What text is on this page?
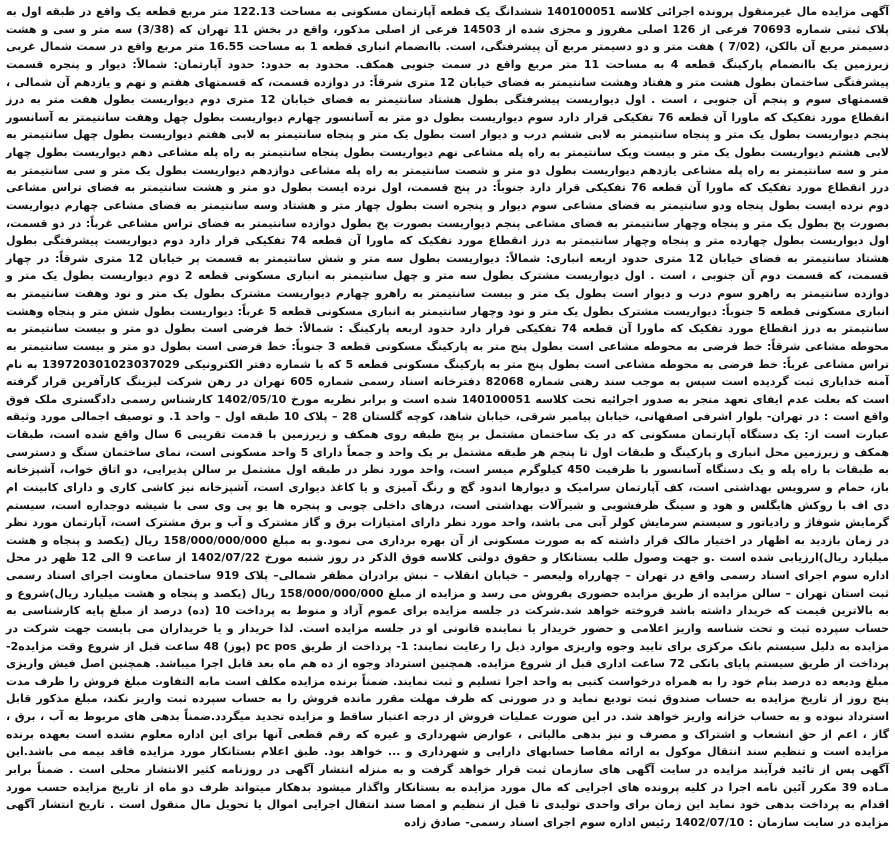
آگهی مزایده مال غیرمنقول پرونده اجرائی کلاسه 140100051 ششدانگ یک قطعه آپارتمان مسکونی به مساحت 122.13 متر مربع قطعه یک واقع در طبقه اول به پلاک ثبتی شماره 70693 فرعی از 126 اصلی مفروز و مجزی شده از 14503 فرعی از اصلی مذکور، واقع در بخش 11 تهران که (3/38) سه متر و سی و هشت دسیمتر مربع آن بالکن، (7/02 ) هفت متر و دو دسیمتر مربع آن پیشرفتگی، است. باانضمام انباری قطعه 1 به مساحت 16.55 متر مربع واقع در سمت شمال غربی زیرزمین یک باانضمام پارکینگ قطعه 4 به مساحت 11 متر مربع واقع در سمت جنوبی همکف. محدود به حدود: حدود آپارتمان: شمالاً: دیوار و پنجره قسمت پیشرفتگی ساختمان بطول هشت متر و هفتاد وهشت سانتیمتر به فضای خیابان 12 متری شرقاً: در دوازده قسمت، که قسمتهای هفتم و نهم و یازدهم آن شمالی ، قسمتهای سوم و پنجم آن جنوبی ، است . اول دیواریست پیشرفتگی بطول هشتاد سانتیمتر به فضای خیابان 12 متری دوم دیواریست بطول هفت متر به درز انقطاع مورد تفکیک که ماورا آن قطعه 76 تفکیکی قرار دارد سوم دیواریست بطول دو متر به آسانسور چهارم دیواریست بطول چهل وهفت سانتیمتر به آسانسور پنجم دیواریست بطول یک متر و پنجاه سانتیمتر به لابی ششم درب و دیوار است بطول یک متر و پنجاه سانتیمتر به لابی هفتم دیواریست بطول چهل سانتیمتر به لابی هشتم دیواریست بطول یک متر و بیست ویک سانتیمتر به راه پله مشاعی نهم دیواریست بطول پنجاه سانتیمتر به راه پله مشاعی دهم دیواریست بطول چهار متر و سه سانتیمتر به راه پله مشاعی یازدهم دیواریست بطول دو متر و شصت سانتیمتر به راه پله مشاعی دوازدهم دیواریست بطول یک متر و سی سانتیمتر به درز انقطاع مورد تفکیک که ماورا آن قطعه 76 تفکیکی قرار دارد جنوباً: در پنج قسمت، اول نرده ایست بطول دو متر و هشت سانتیمتر به فضای تراس مشاعی دوم نرده ایست بطول پنجاه ودو سانتیمتر به فضای مشاعی سوم دیوار و پنجره است بطول چهار متر و هشتاد وسه سانتیمتر به فضای مشاعی چهارم دیواریست بصورت پخ بطول یک متر و پنجاه وچهار سانتیمتر به فضای مشاعی پنجم دیواریست بصورت پخ بطول دوازده سانتیمتر به فضای تراس مشاعی غرباً: در دو قسمت، اول دیواریست بطول چهارده متر و پنجاه وچهار سانتیمتر به درز انقطاع مورد تفکیک که ماورا آن قطعه 74 تفکیکی قرار دارد دوم دیواریست پیشرفتگی بطول هشتاد سانتیمتر به فضای خیابان 12 متری حدود اربعه انباری: شمالاً: دیواریست بطول سه متر و شش سانتیمتر به قسمت پر خیابان 12 متری شرقاً: در چهار قسمت، که قسمت دوم آن جنوبی ، است . اول دیواریست مشترک بطول سه متر و چهل سانتیمتر به انباری مسکونی قطعه 2 دوم دیواریست بطول یک متر و دوازده سانتیمتر به راهرو سوم درب و دیوار است بطول یک متر و بیست سانتیمتر به راهرو چهارم دیواریست مشترک بطول یک متر و نود وهفت سانتیمتر به انباری مسکونی قطعه 5 جنوباً: دیواریست مشترک بطول یک متر و نود وچهار سانتیمتر به انباری مسکونی قطعه 5 غرباً: دیواریست بطول شش متر و پنجاه وهشت سانتیمتر به درز انقطاع مورد تفکیک که ماورا آن قطعه 74 تفکیکی قرار دارد حدود اربعه پارکینگ : شمالاً: خط فرضی است بطول دو متر و بیست سانتیمتر به محوطه مشاعی شرقاً: خط فرضی به محوطه مشاعی است بطول پنج متر به پارکینگ مسکونی قطعه 3 جنوباً: خط فرضی است بطول دو متر و بیست سانتیمتر به تراس مشاعی غرباً: خط فرضی به محوطه مشاعی است بطول پنج متر به پارکینگ مسکونی قطعه 5 که با شماره دفتر الکترونیکی 139720301023037029 به نام آمنه خدایاری ثبت گردیده است سپس به موجب سند رهنی شماره 82068 دفترخانه اسناد رسمی شماره 605 تهران در رهن شرکت لیزینگ کارآفرین قرار گرفته است که بعلت عدم ایفای تعهد منجر به صدور اجرائیه تحت کلاسه 140100051 شده است و برابر نظریه مورخ 1402/05/10 کارشناس رسمی دادگستری ملک فوق واقع است : در تهران- بلوار اشرفی اصفهانی، خیابان پیامبر شرقی، خیابان شاهد، کوچه گلستان 28 – پلاک 10 طبقه اول – واحد 1. و توصیف اجمالی مورد وثیقه عبارت است از: یک دستگاه آپارتمان مسکونی که در یک ساختمان مشتمل بر پنج طبقه روی همکف و زیرزمین با قدمت تقریبی 6 سال واقع شده است، طبقات همکف و زیرزمین محل انباری و پارکینگ و طبقات اول تا پنجم هر طبقه مشتمل بر یک واحد و جمعاً دارای 5 واحد مسکونی است، نمای ساختمان سنگ و دسترسی به طبقات با راه پله و یک دستگاه آسانسور با ظرفیت 450 کیلوگرم میسر است، واحد مورد نظر در طبقه اول مشتمل بر سالن پذیرایی، دو اتاق خواب، آشپزخانه باز، حمام و سرویس بهداشتی است، کف آپارتمان سرامیک و دیوارها اندود گچ و رنگ آمیزی و یا کاغذ دیواری است، آشپزخانه نیز کاشی کاری و دارای کابینت ام دی اف با روکش هایگلس و هود و سینگ ظرفشویی و شیرآلات بهداشتی است، درهای داخلی چوبی و پنجره ها یو پی وی سی با شیشه دوجداره است، سیستم گرمایش شوفاژ و رادیاتور و سیستم سرمایش کولر آبی می باشد، واحد مورد نظر دارای امتیازات برق و گاز مشترک و آب و برق مشترک است، آپارتمان مورد نظر در زمان بازدید به اظهار در اختیار مالک قرار داشته که به صورت مسکونی از آن بهره برداری می نمود.و به مبلغ 158/000/000/000 ریال (یکصد و پنجاه و هشت میلیارد ریال)ارزیابی شده است .و جهت وصول طلب بستانکار و حقوق دولتی کلاسه فوق الذکر در روز شنبه مورخ 1402/07/22 از ساعت 9 الی 12 ظهر در محل اداره سوم اجرای اسناد رسمی واقع در تهران – چهارراه ولیعصر – خیابان انقلاب – نبش برادران مظفر شمالی– پلاک 919 ساختمان معاونت اجرای اسناد رسمی ثبت استان تهران – سالن مزایده از طریق مزایده حضوری بفروش می رسد و مزایده از مبلغ 158/000/000/000 ریال (یکصد و پنجاه و هشت میلیارد ریال)شروع و به بالاترین قیمت که خریدار داشته باشد فروخته خواهد شد.شرکت در جلسه مزایده برای عموم آزاد و منوط به پرداخت 10 (ده) درصد از مبلغ پایه کارشناسی به حساب سپرده ثبت و تحت شناسه واریز اعلامی و حضور خریدار یا نماینده قانونی او در جلسه مزایده است. لذا خریدار و یا خریداران می بایست جهت شرکت در مزایده به دلیل سیستم بانک مرکزی برای تایید وجوه واریزی موارد ذیل را رعایت نمایند: 1- پرداخت از طریق pc pos (پوز) 48 ساعت قبل از شروع وقت مزایده2- پرداخت از طریق سیستم پایای بانکی 72 ساعت اداری قبل از شروع مزایده. همچنین استرداد وجوه از ده هم ماه بعد قابل اجرا میباشد. همچنین اصل فیش واریزی مبلغ ودیعه ده درصد بنام خود را به همراه درخواست کتبی به واحد اجرا تسلیم و ثبت نمایند. ضمناً برنده مزایده مکلف است مابه التفاوت مبلغ فروش را ظرف مدت پنج روز از تاریخ مزایده به حساب صندوق ثبت تودیع نماید و در صورتی که ظرف مهلت مقرر مانده فروش را به حساب سپرده ثبت واریز نکند، مبلغ مذکور قابل استرداد نبوده و به حساب خزانه واریز خواهد شد. در این صورت عملیات فروش از درجه اعتبار ساقط و مزایده تجدید میگردد.ضمناً بدهی های مربوط به آب ، برق ، گاز ، اعم از حق انشعاب و اشتراک و مصرف و نیز بدهی مالیاتی ، عوارض شهرداری و غیره که رقم قطعی آنها برای این اداره معلوم نشده است بعهده برنده مزایده است و تنظیم سند انتقال موکول به ارائه مفاصا حسابهای دارایی و شهرداری و ... خواهد بود. طبق اعلام بستانکار مورد مزایده فاقد بیمه می باشد.این آگهی پس از تائید فرآیند مزایده در سایت آگهی های سازمان ثبت قرار خواهد گرفت و به منزله انتشار آگهی در روزنامه کثیر الانتشار محلی است . ضمناً برابر مـاده 39 مکرر آئین نامه اجرا در کلیه پرونده های اجرایی که مال مورد مزایده به بستانکار واگذار میشود بدهکار میتواند ظرف دو ماه از تاریخ مزایده حسب مورد اقدام به پرداخت بدهی خود نماید این زمان برای واحدی تولیدی تا قبل از تنظیم و امضا سند انتقال اجرایی اموال یا تحویل مال منقول است . تاریخ انتشار آگهی مزایده در سایت سازمان : 1402/07/10 رئیس اداره سوم اجرای اسناد رسمی- صادق زاده
